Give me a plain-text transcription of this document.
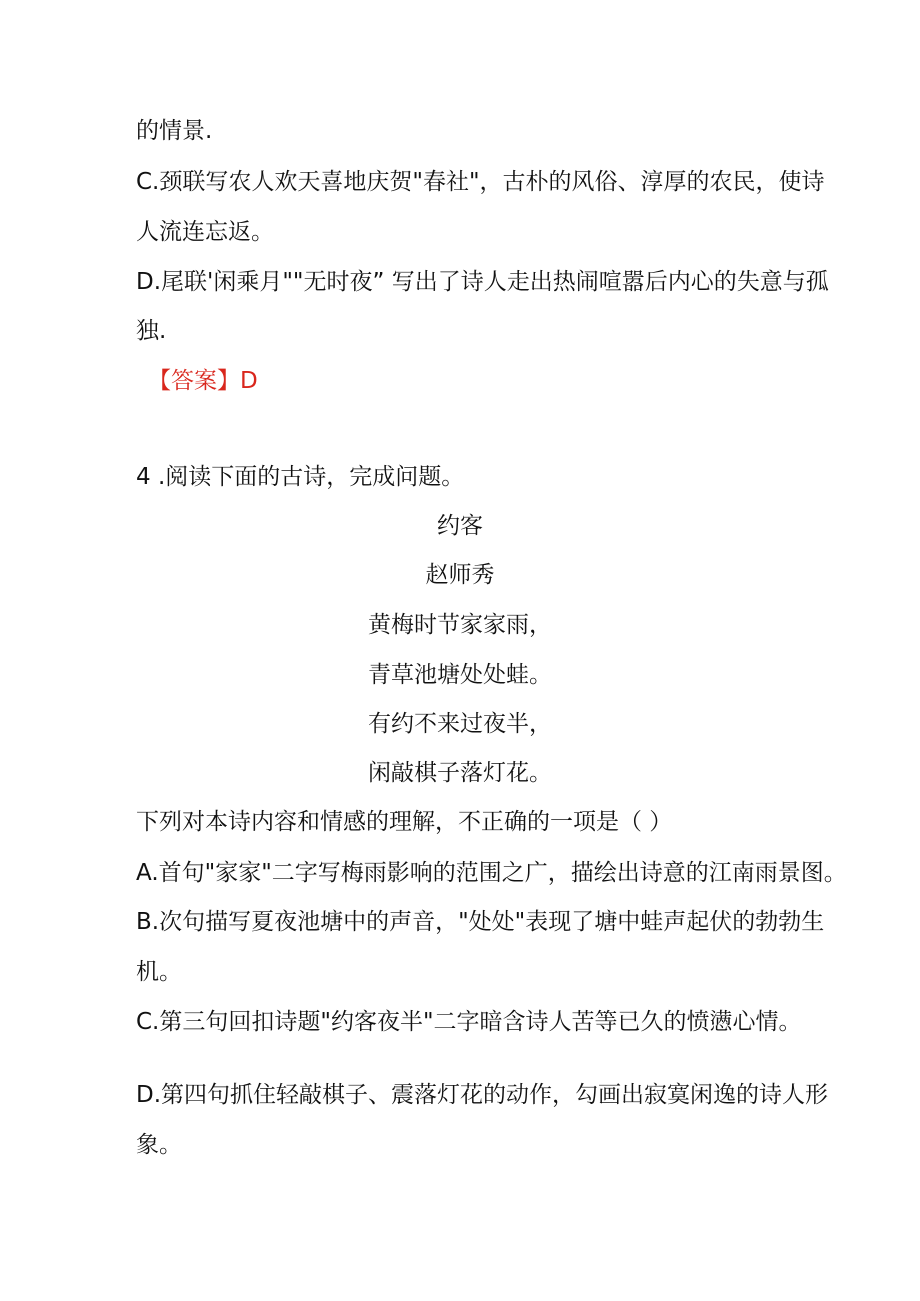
的情景.
C.颈联写农人欢天喜地庆贺"春社"，古朴的风俗、淳厚的农民，使诗
人流连忘返。
D.尾联'闲乘月""无时夜” 写出了诗人走出热闹喧嚣后内心的失意与孤
独.
【答案】D
4 .阅读下面的古诗，完成问题。
约客
赵师秀
黄梅时节家家雨，
青草池塘处处蛙。
有约不来过夜半，
闲敲棋子落灯花。
下列对本诗内容和情感的理解，不正确的一项是（ ）
A.首句"家家"二字写梅雨影响的范围之广，描绘出诗意的江南雨景图。
B.次句描写夏夜池塘中的声音，"处处"表现了塘中蛙声起伏的勃勃生
机。
C.第三句回扣诗题"约客夜半"二字暗含诗人苦等已久的愤懑心情。
D.第四句抓住轻敲棋子、震落灯花的动作，勾画出寂寞闲逸的诗人形
象。
